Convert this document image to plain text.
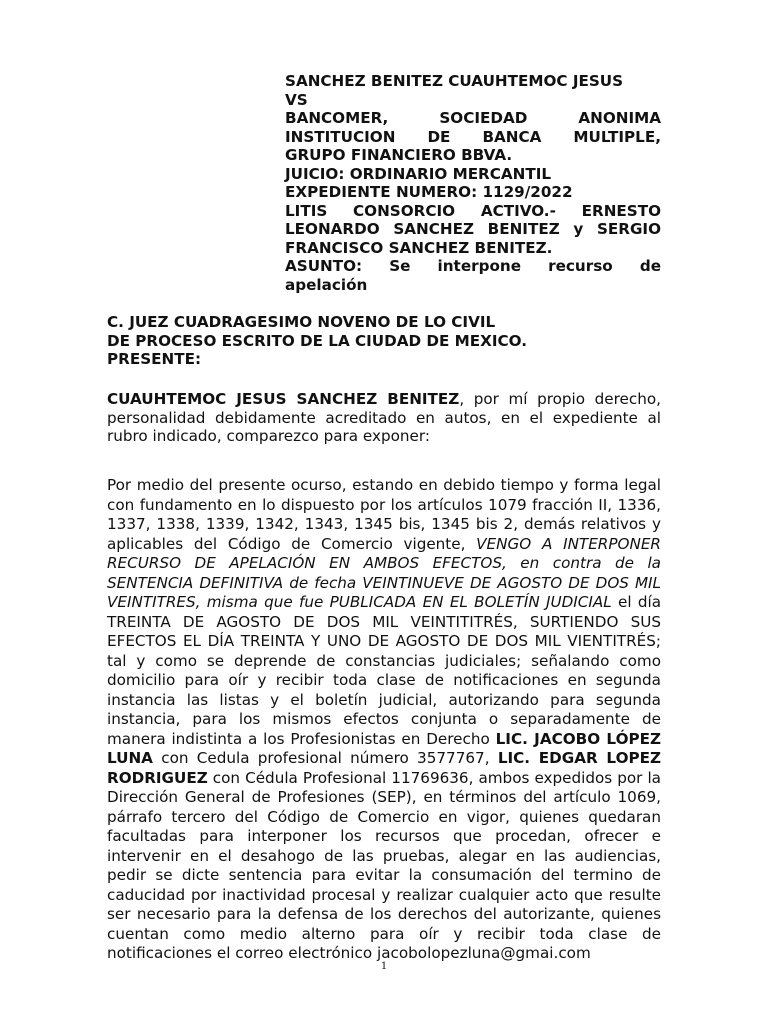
SANCHEZ BENITEZ CUAUHTEMOC JESUS
VS
BANCOMER, SOCIEDAD ANONIMA
INSTITUCION DE BANCA MULTIPLE,
GRUPO FINANCIERO BBVA.
JUICIO: ORDINARIO MERCANTIL
EXPEDIENTE NUMERO: 1129/2022
LITIS CONSORCIO ACTIVO.- ERNESTO
LEONARDO SANCHEZ BENITEZ y SERGIO
FRANCISCO SANCHEZ BENITEZ.
ASUNTO: Se interpone recurso de
apelación
C. JUEZ CUADRAGESIMO NOVENO DE LO CIVIL
DE PROCESO ESCRITO DE LA CIUDAD DE MEXICO.
PRESENTE:
CUAUHTEMOC JESUS SANCHEZ BENITEZ, por mí propio derecho, personalidad debidamente acreditado en autos, en el expediente al rubro indicado, comparezco para exponer:
Por medio del presente ocurso, estando en debido tiempo y forma legal con fundamento en lo dispuesto por los artículos 1079 fracción II, 1336, 1337, 1338, 1339, 1342, 1343, 1345 bis, 1345 bis 2, demás relativos y aplicables del Código de Comercio vigente, VENGO A INTERPONER RECURSO DE APELACIÓN EN AMBOS EFECTOS, en contra de la SENTENCIA DEFINITIVA de fecha VEINTINUEVE DE AGOSTO DE DOS MIL VEINTITRES, misma que fue PUBLICADA EN EL BOLETÍN JUDICIAL el día TREINTA DE AGOSTO DE DOS MIL VEINTITITRÉS, SURTIENDO SUS EFECTOS EL DÍA TREINTA Y UNO DE AGOSTO DE DOS MIL VIENTITRÉS; tal y como se deprende de constancias judiciales; señalando como domicilio para oír y recibir toda clase de notificaciones en segunda instancia las listas y el boletín judicial, autorizando para segunda instancia, para los mismos efectos conjunta o separadamente de manera indistinta a los Profesionistas en Derecho LIC. JACOBO LÓPEZ LUNA con Cedula profesional número 3577767, LIC. EDGAR LOPEZ RODRIGUEZ con Cédula Profesional 11769636, ambos expedidos por la Dirección General de Profesiones (SEP), en términos del artículo 1069, párrafo tercero del Código de Comercio en vigor, quienes quedaran facultadas para interponer los recursos que procedan, ofrecer e intervenir en el desahogo de las pruebas, alegar en las audiencias, pedir se dicte sentencia para evitar la consumación del termino de caducidad por inactividad procesal y realizar cualquier acto que resulte ser necesario para la defensa de los derechos del autorizante, quienes cuentan como medio alterno para oír y recibir toda clase de notificaciones el correo electrónico jacobolopezluna@gmai.com
1
